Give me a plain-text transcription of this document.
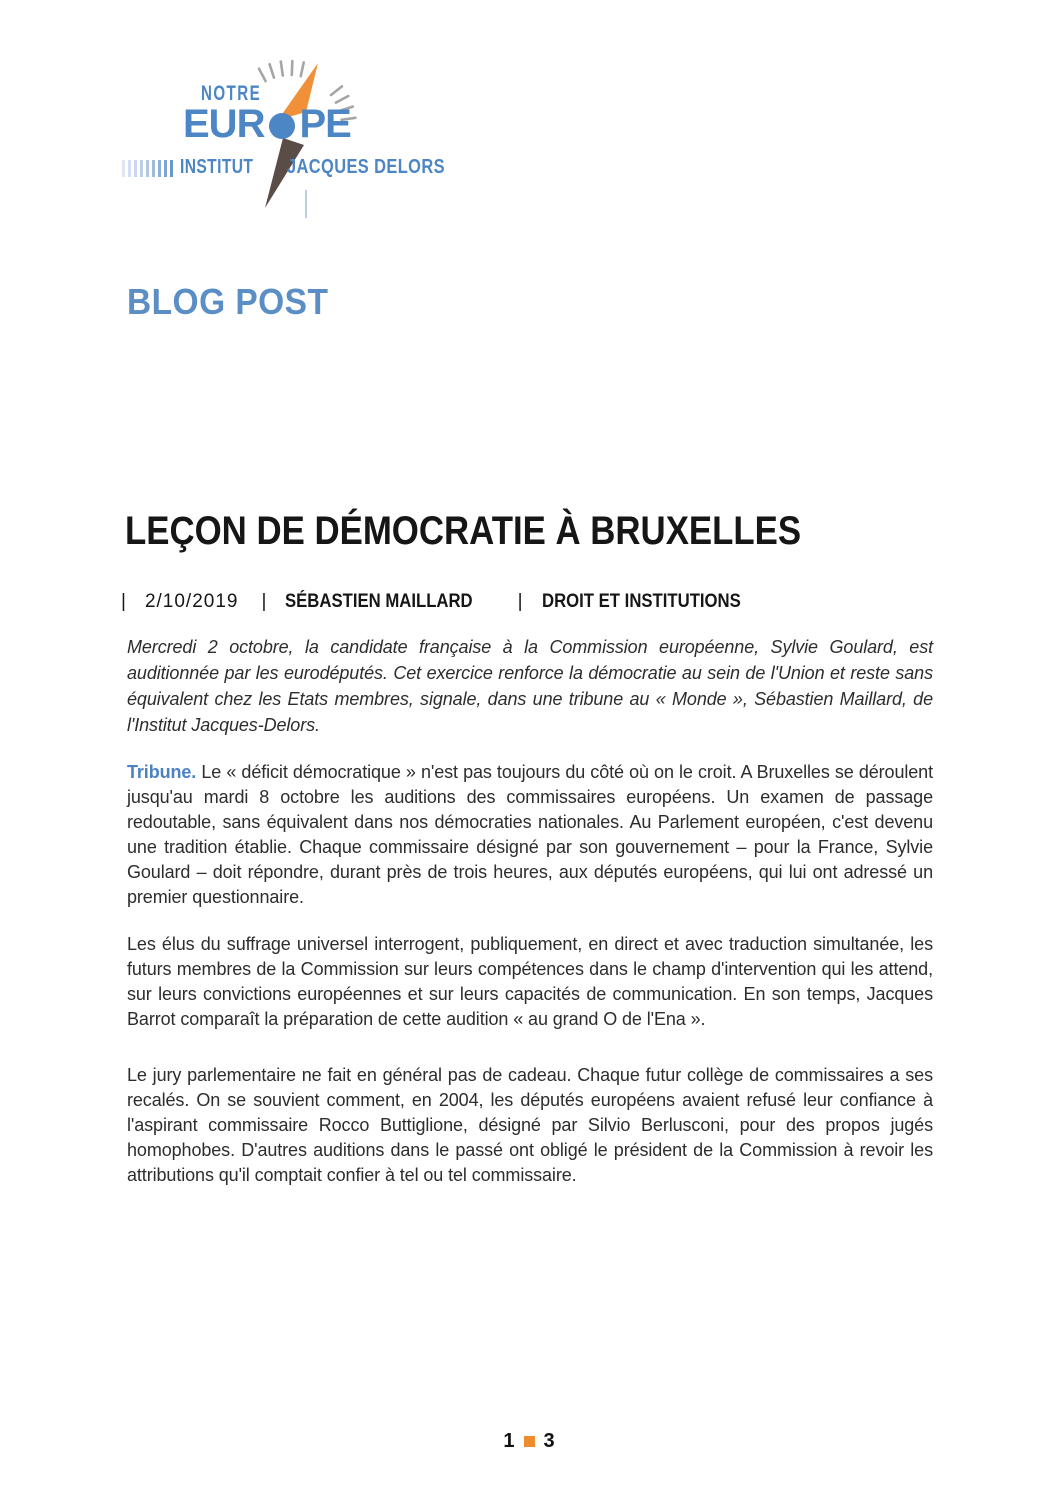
NOTRE
EUR PE
INSTITUT JACQUES DELORS
BLOG POST
LEÇON DE DÉMOCRATIE À BRUXELLES
| 2/10/2019 | SÉBASTIEN MAILLARD | DROIT ET INSTITUTIONS

Mercredi 2 octobre, la candidate française à la Commission européenne, Sylvie Goulard, est auditionnée par les eurodéputés. Cet exercice renforce la démocratie au sein de l'Union et reste sans équivalent chez les Etats membres, signale, dans une tribune au « Monde », Sébastien Maillard, de l'Institut Jacques-Delors.

Tribune. Le « déficit démocratique » n'est pas toujours du côté où on le croit. A Bruxelles se déroulent jusqu'au mardi 8 octobre les auditions des commissaires européens. Un examen de passage redoutable, sans équivalent dans nos démocraties nationales. Au Parlement européen, c'est devenu une tradition établie. Chaque commissaire désigné par son gouvernement – pour la France, Sylvie Goulard – doit répondre, durant près de trois heures, aux députés européens, qui lui ont adressé un premier questionnaire.

Les élus du suffrage universel interrogent, publiquement, en direct et avec traduction simultanée, les futurs membres de la Commission sur leurs compétences dans le champ d'intervention qui les attend, sur leurs convictions européennes et sur leurs capacités de communication. En son temps, Jacques Barrot comparaît la préparation de cette audition « au grand O de l'Ena ».

Le jury parlementaire ne fait en général pas de cadeau. Chaque futur collège de commissaires a ses recalés. On se souvient comment, en 2004, les députés européens avaient refusé leur confiance à l'aspirant commissaire Rocco Buttiglione, désigné par Silvio Berlusconi, pour des propos jugés homophobes. D'autres auditions dans le passé ont obligé le président de la Commission à revoir les attributions qu'il comptait confier à tel ou tel commissaire.

1 3
